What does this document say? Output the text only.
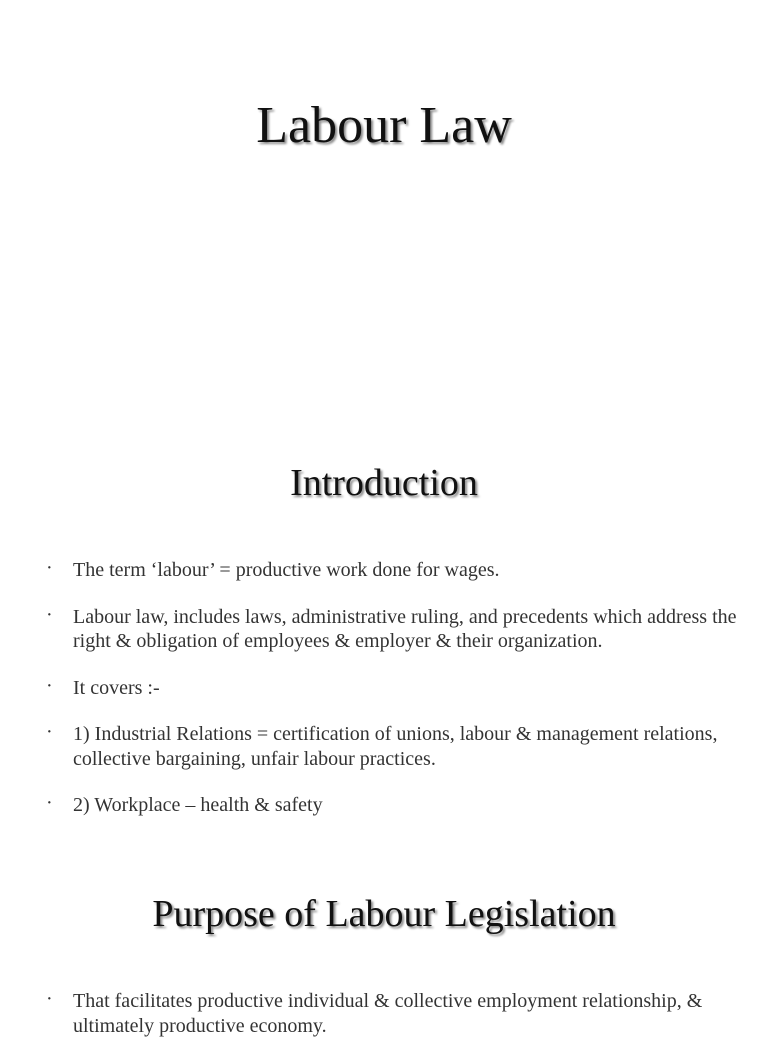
Labour Law
Introduction
· The term ‘labour’ = productive work done for wages.
· Labour law, includes laws, administrative ruling, and precedents which address the right & obligation of employees & employer & their organization.
· It covers :-
· 1) Industrial Relations = certification of unions, labour & management relations, collective bargaining, unfair labour practices.
· 2) Workplace – health & safety
Purpose of Labour Legislation
· That facilitates productive individual & collective employment relationship, & ultimately productive economy.
